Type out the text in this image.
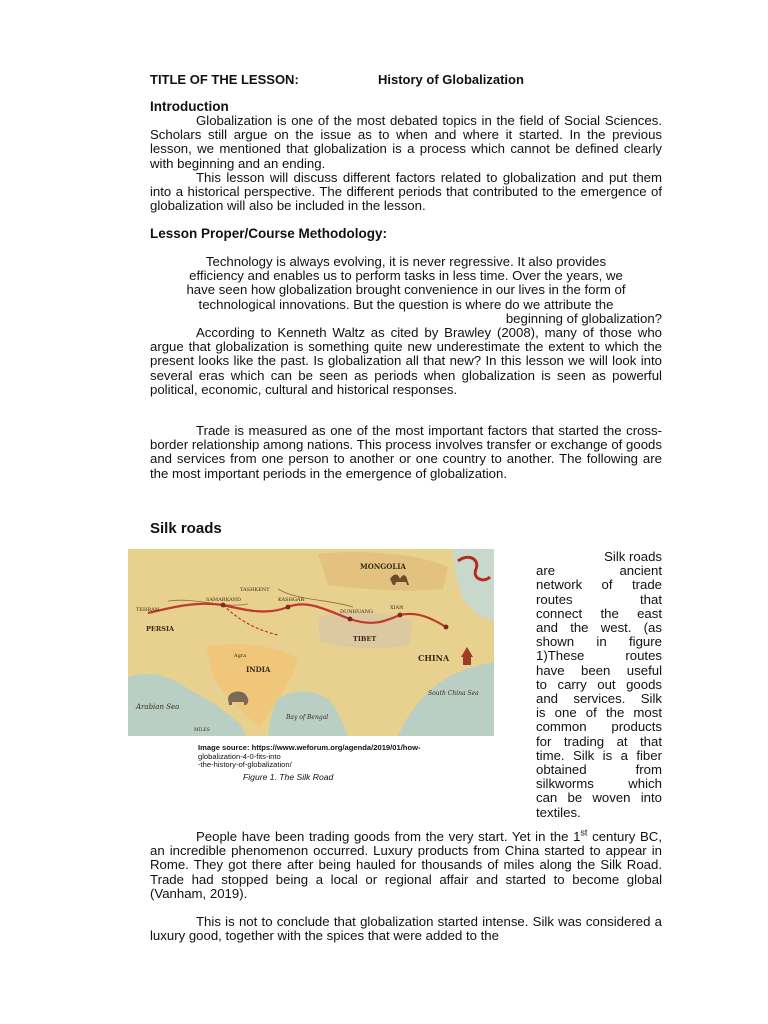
TITLE OF THE LESSON:	History of Globalization
Introduction

Globalization is one of the most debated topics in the field of Social Sciences. Scholars still argue on the issue as to when and where it started. In the previous lesson, we mentioned that globalization is a process which cannot be defined clearly with beginning and an ending.

This lesson will discuss different factors related to globalization and put them into a historical perspective. The different periods that contributed to the emergence of globalization will also be included in the lesson.

Lesson Proper/Course Methodology:
Technology is always evolving, it is never regressive. It also provides
efficiency and enables us to perform tasks in less time. Over the years, we
have seen how globalization brought convenience in our lives in the form of
technological innovations. But the question is where do we attribute the
beginning of globalization?

According to Kenneth Waltz as cited by Brawley (2008), many of those who argue that globalization is something quite new underestimate the extent to which the present looks like the past. Is globalization all that new? In this lesson we will look into several eras which can be seen as periods when globalization is seen as powerful political, economic, cultural and historical responses.

Trade is measured as one of the most important factors that started the cross- border relationship among nations. This process involves transfer or exchange of goods and services from one person to another or one country to another. The following are the most important periods in the emergence of globalization.

Silk roads
MONGOLIA
CHINA
PERSIA
TIBET
INDIA
Arabian Sea
Bay of Bengal
South China Sea
SAMARKAND
TASHKENT
KASHGAR
DUNHUANG
XIAN
TEHRAN
Agra
MILES
Image source: https://www.weforum.org/agenda/2019/01/how-
globalization-4-0-fits-into
-the-history-of-globalization/
Figure 1. The Silk Road

Silk roads

are ancient

network of trade

routes that

connect the east

and the west. (as

shown in figure

1)These routes

have been useful

to carry out goods

and services. Silk

is one of the most

common products

for trading at that

time. Silk is a fiber

obtained from

silkworms which

can be woven into

textiles.

People have been trading goods from the very start. Yet in the 1st century BC, an incredible phenomenon occurred. Luxury products from China started to appear in Rome. They got there after being hauled for thousands of miles along the Silk Road. Trade had stopped being a local or regional affair and started to become global (Vanham, 2019).

This is not to conclude that globalization started intense. Silk was considered a luxury good, together with the spices that were added to the
